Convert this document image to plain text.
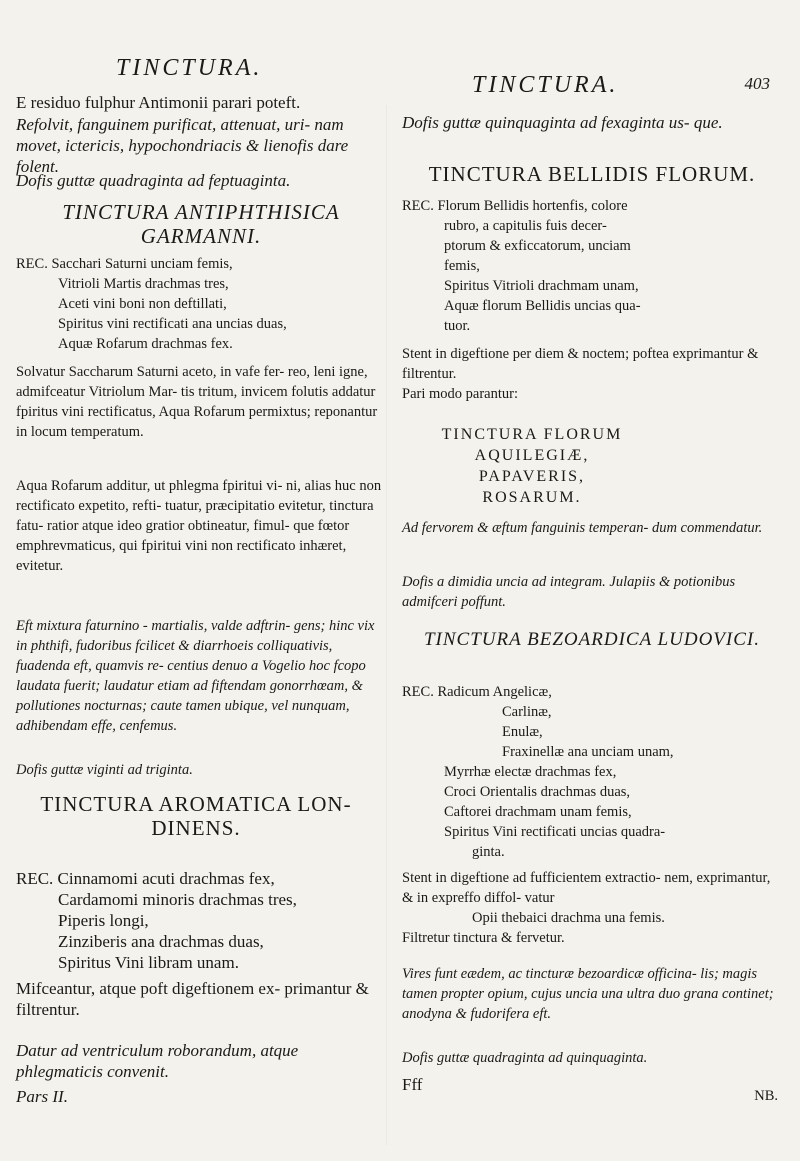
TINCTURA.

E residuo fulphur Antimonii parari poteft.

Refolvit, fanguinem purificat, attenuat, uri- nam movet, ictericis, hypochondriacis & lienofis dare folent.

Dofis guttæ quadraginta ad feptuaginta.
TINCTURA ANTIPHTHISICA GARMANNI.
REC. Sacchari Saturni unciam femis,
Vitrioli Martis drachmas tres,
Aceti vini boni non deftillati,
Spiritus vini rectificati ana uncias duas,
Aquæ Rofarum drachmas fex.
Solvatur Saccharum Saturni aceto, in vafe fer- reo, leni igne, admifceatur Vitriolum Mar- tis tritum, invicem folutis addatur fpiritus vini rectificatus, Aqua Rofarum permixtus; reponantur in locum temperatum.
Aqua Rofarum additur, ut phlegma fpiritui vi- ni, alias huc non rectificato expetito, refti- tuatur, præcipitatio evitetur, tinctura fatu- ratior atque ideo gratior obtineatur, fimul- que fœtor emphrevmaticus, qui fpiritui vini non rectificato inhæret, evitetur.
Eft mixtura faturnino - martialis, valde adftrin- gens; hinc vix in phthifi, fudoribus fcilicet & diarrhoeis colliquativis, fuadenda eft, quamvis re- centius denuo a Vogelio hoc fcopo laudata fuerit; laudatur etiam ad fiftendam gonorrhœam, & pollutiones nocturnas; caute tamen ubique, vel nunquam, adhibendam effe, cenfemus.
Dofis guttæ viginti ad triginta.
TINCTURA AROMATICA LON- DINENS.
REC. Cinnamomi acuti drachmas fex,
Cardamomi minoris drachmas tres,
Piperis longi,
Zinziberis ana drachmas duas,
Spiritus Vini libram unam.
Mifceantur, atque poft digeftionem ex- primantur & filtrentur.
Datur ad ventriculum roborandum, atque phlegmaticis convenit.
Pars II.
TINCTURA.	403
Dofis guttæ quinquaginta ad fexaginta us- que.
TINCTURA BELLIDIS FLORUM.
REC. Florum Bellidis hortenfis, colore
rubro, a capitulis fuis decer-
ptorum & exficcatorum, unciam
femis,
Spiritus Vitrioli drachmam unam,
Aquæ florum Bellidis uncias qua-
tuor.
Stent in digeftione per diem & noctem; poftea exprimantur & filtrentur.
Pari modo parantur:
TINCTURA FLORUM
AQUILEGIÆ,
PAPAVERIS,
ROSARUM.
Ad fervorem & æftum fanguinis temperan- dum commendatur.
Dofis a dimidia uncia ad integram. Julapiis & potionibus admifceri poffunt.
TINCTURA BEZOARDICA LUDOVICI.
REC. Radicum Angelicæ,
Carlinæ,
Enulæ,
Fraxinellæ ana unciam unam,
Myrrhæ electæ drachmas fex,
Croci Orientalis drachmas duas,
Caftorei drachmam unam femis,
Spiritus Vini rectificati uncias quadra-
ginta.
Stent in digeftione ad fufficientem extractio- nem, exprimantur, & in expreffo diffol- vatur
Opii thebaici drachma una femis.
Filtretur tinctura & fervetur.
Vires funt eædem, ac tincturæ bezoardicæ officina- lis; magis tamen propter opium, cujus uncia una ultra duo grana continet; anodyna & fudorifera eft.
Dofis guttæ quadraginta ad quinquaginta.
Fff
NB.
